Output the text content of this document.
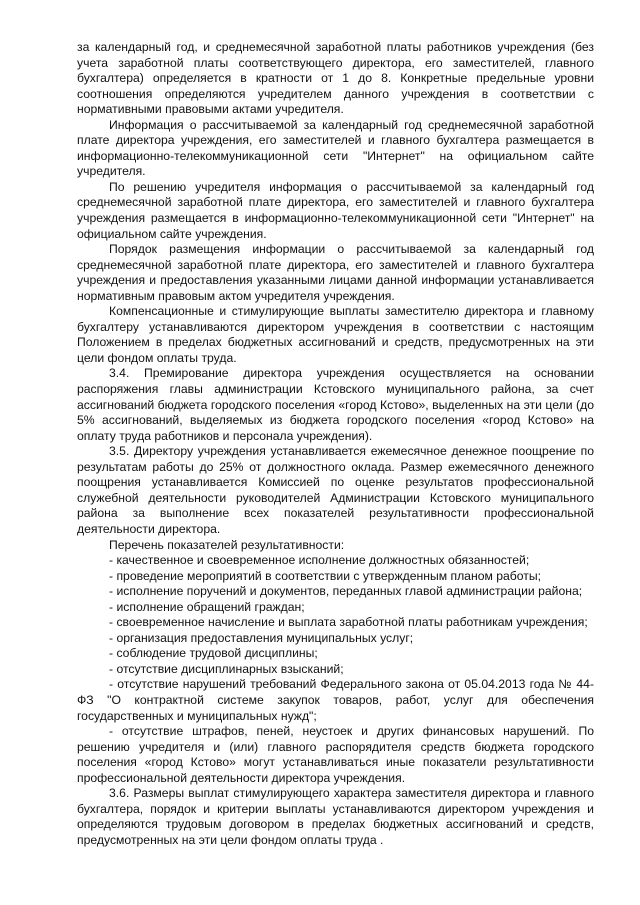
за календарный год, и среднемесячной заработной платы работников учреждения (без учета заработной платы соответствующего директора, его заместителей, главного бухгалтера) определяется в кратности от 1 до 8. Конкретные предельные уровни соотношения определяются учредителем данного учреждения в соответствии с нормативными правовыми актами учредителя.

Информация о рассчитываемой за календарный год среднемесячной заработной плате директора учреждения, его заместителей и главного бухгалтера размещается в информационно-телекоммуникационной сети "Интернет" на официальном сайте учредителя.

По решению учредителя информация о рассчитываемой за календарный год среднемесячной заработной плате директора, его заместителей и главного бухгалтера учреждения размещается в информационно-телекоммуникационной сети "Интернет" на официальном сайте учреждения.

Порядок размещения информации о рассчитываемой за календарный год среднемесячной заработной плате директора, его заместителей и главного бухгалтера учреждения и предоставления указанными лицами данной информации устанавливается нормативным правовым актом учредителя учреждения.

Компенсационные и стимулирующие выплаты заместителю директора и главному бухгалтеру устанавливаются директором учреждения в соответствии с настоящим Положением в пределах бюджетных ассигнований и средств, предусмотренных на эти цели фондом оплаты труда.

3.4. Премирование директора учреждения осуществляется на основании распоряжения главы администрации Кстовского муниципального района, за счет ассигнований бюджета городского поселения «город Кстово», выделенных на эти цели (до 5% ассигнований, выделяемых из бюджета городского поселения «город Кстово» на оплату труда работников и персонала учреждения).

3.5. Директору учреждения устанавливается ежемесячное денежное поощрение по результатам работы до 25% от должностного оклада. Размер ежемесячного денежного поощрения устанавливается Комиссией по оценке результатов профессиональной служебной деятельности руководителей Администрации Кстовского муниципального района за выполнение всех показателей результативности профессиональной деятельности директора.

Перечень показателей результативности:

- качественное и своевременное исполнение должностных обязанностей;

- проведение мероприятий в соответствии с утвержденным планом работы;

- исполнение поручений и документов, переданных главой администрации района;

- исполнение обращений граждан;

- своевременное начисление и выплата заработной платы работникам учреждения;

- организация предоставления муниципальных услуг;

- соблюдение трудовой дисциплины;

- отсутствие дисциплинарных взысканий;

- отсутствие нарушений требований Федерального закона от 05.04.2013 года № 44-ФЗ "О контрактной системе закупок товаров, работ, услуг для обеспечения государственных и муниципальных нужд";

- отсутствие штрафов, пеней, неустоек и других финансовых нарушений. По решению учредителя и (или) главного распорядителя средств бюджета городского поселения «город Кстово» могут устанавливаться иные показатели результативности профессиональной деятельности директора учреждения.

3.6. Размеры выплат стимулирующего характера заместителя директора и главного бухгалтера, порядок и критерии выплаты устанавливаются директором учреждения и определяются трудовым договором в пределах бюджетных ассигнований и средств, предусмотренных на эти цели фондом оплаты труда .
